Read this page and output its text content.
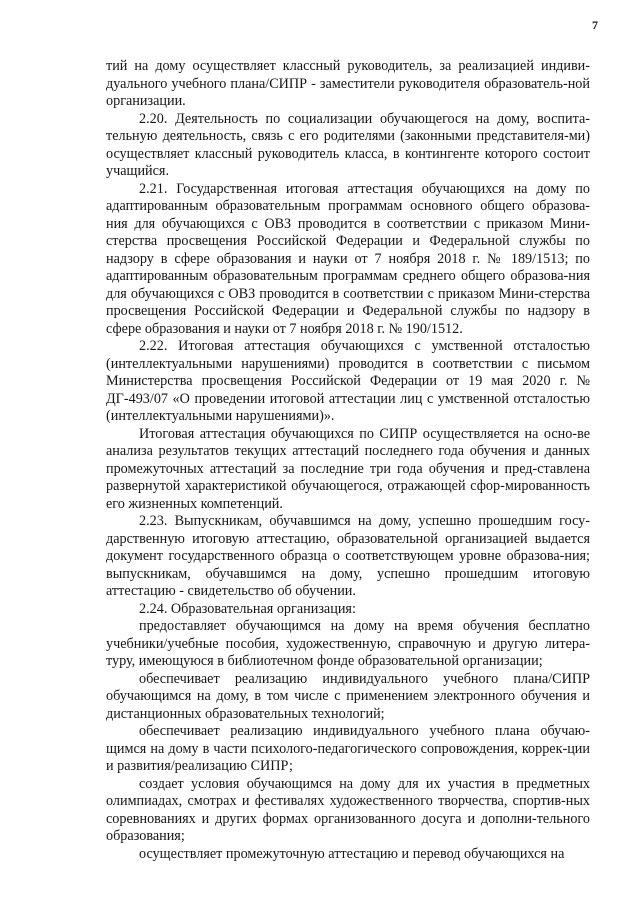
7

тий на дому осуществляет классный руководитель, за реализацией индиви-дуального учебного плана/СИПР - заместители руководителя образователь-ной организации.

2.20. Деятельность по социализации обучающегося на дому, воспита-тельную деятельность, связь с его родителями (законными представителя-ми) осуществляет классный руководитель класса, в контингенте которого состоит учащийся.

2.21. Государственная итоговая аттестация обучающихся на дому по адаптированным образовательным программам основного общего образова-ния для обучающихся с ОВЗ проводится в соответствии с приказом Мини-стерства просвещения Российской Федерации и Федеральной службы по надзору в сфере образования и науки от 7 ноября 2018 г. № 189/1513; по адаптированным образовательным программам среднего общего образова-ния для обучающихся с ОВЗ проводится в соответствии с приказом Мини-стерства просвещения Российской Федерации и Федеральной службы по надзору в сфере образования и науки от 7 ноября 2018 г. № 190/1512.

2.22. Итоговая аттестация обучающихся с умственной отсталостью (интеллектуальными нарушениями) проводится в соответствии с письмом Министерства просвещения Российской Федерации от 19 мая 2020 г. № ДГ-493/07 «О проведении итоговой аттестации лиц с умственной отсталостью (интеллектуальными нарушениями)».

Итоговая аттестация обучающихся по СИПР осуществляется на осно-ве анализа результатов текущих аттестаций последнего года обучения и данных промежуточных аттестаций за последние три года обучения и пред-ставлена развернутой характеристикой обучающегося, отражающей сфор-мированность его жизненных компетенций.

2.23. Выпускникам, обучавшимся на дому, успешно прошедшим госу-дарственную итоговую аттестацию, образовательной организацией выдается документ государственного образца о соответствующем уровне образова-ния; выпускникам, обучавшимся на дому, успешно прошедшим итоговую аттестацию - свидетельство об обучении.

2.24. Образовательная организация:

предоставляет обучающимся на дому на время обучения бесплатно учебники/учебные пособия, художественную, справочную и другую литера-туру, имеющуюся в библиотечном фонде образовательной организации;

обеспечивает реализацию индивидуального учебного плана/СИПР обучающимся на дому, в том числе с применением электронного обучения и дистанционных образовательных технологий;

обеспечивает реализацию индивидуального учебного плана обучаю-щимся на дому в части психолого-педагогического сопровождения, коррек-ции и развития/реализацию СИПР;

создает условия обучающимся на дому для их участия в предметных олимпиадах, смотрах и фестивалях художественного творчества, спортив-ных соревнованиях и других формах организованного досуга и дополни-тельного образования;

осуществляет промежуточную аттестацию и перевод обучающихся на
